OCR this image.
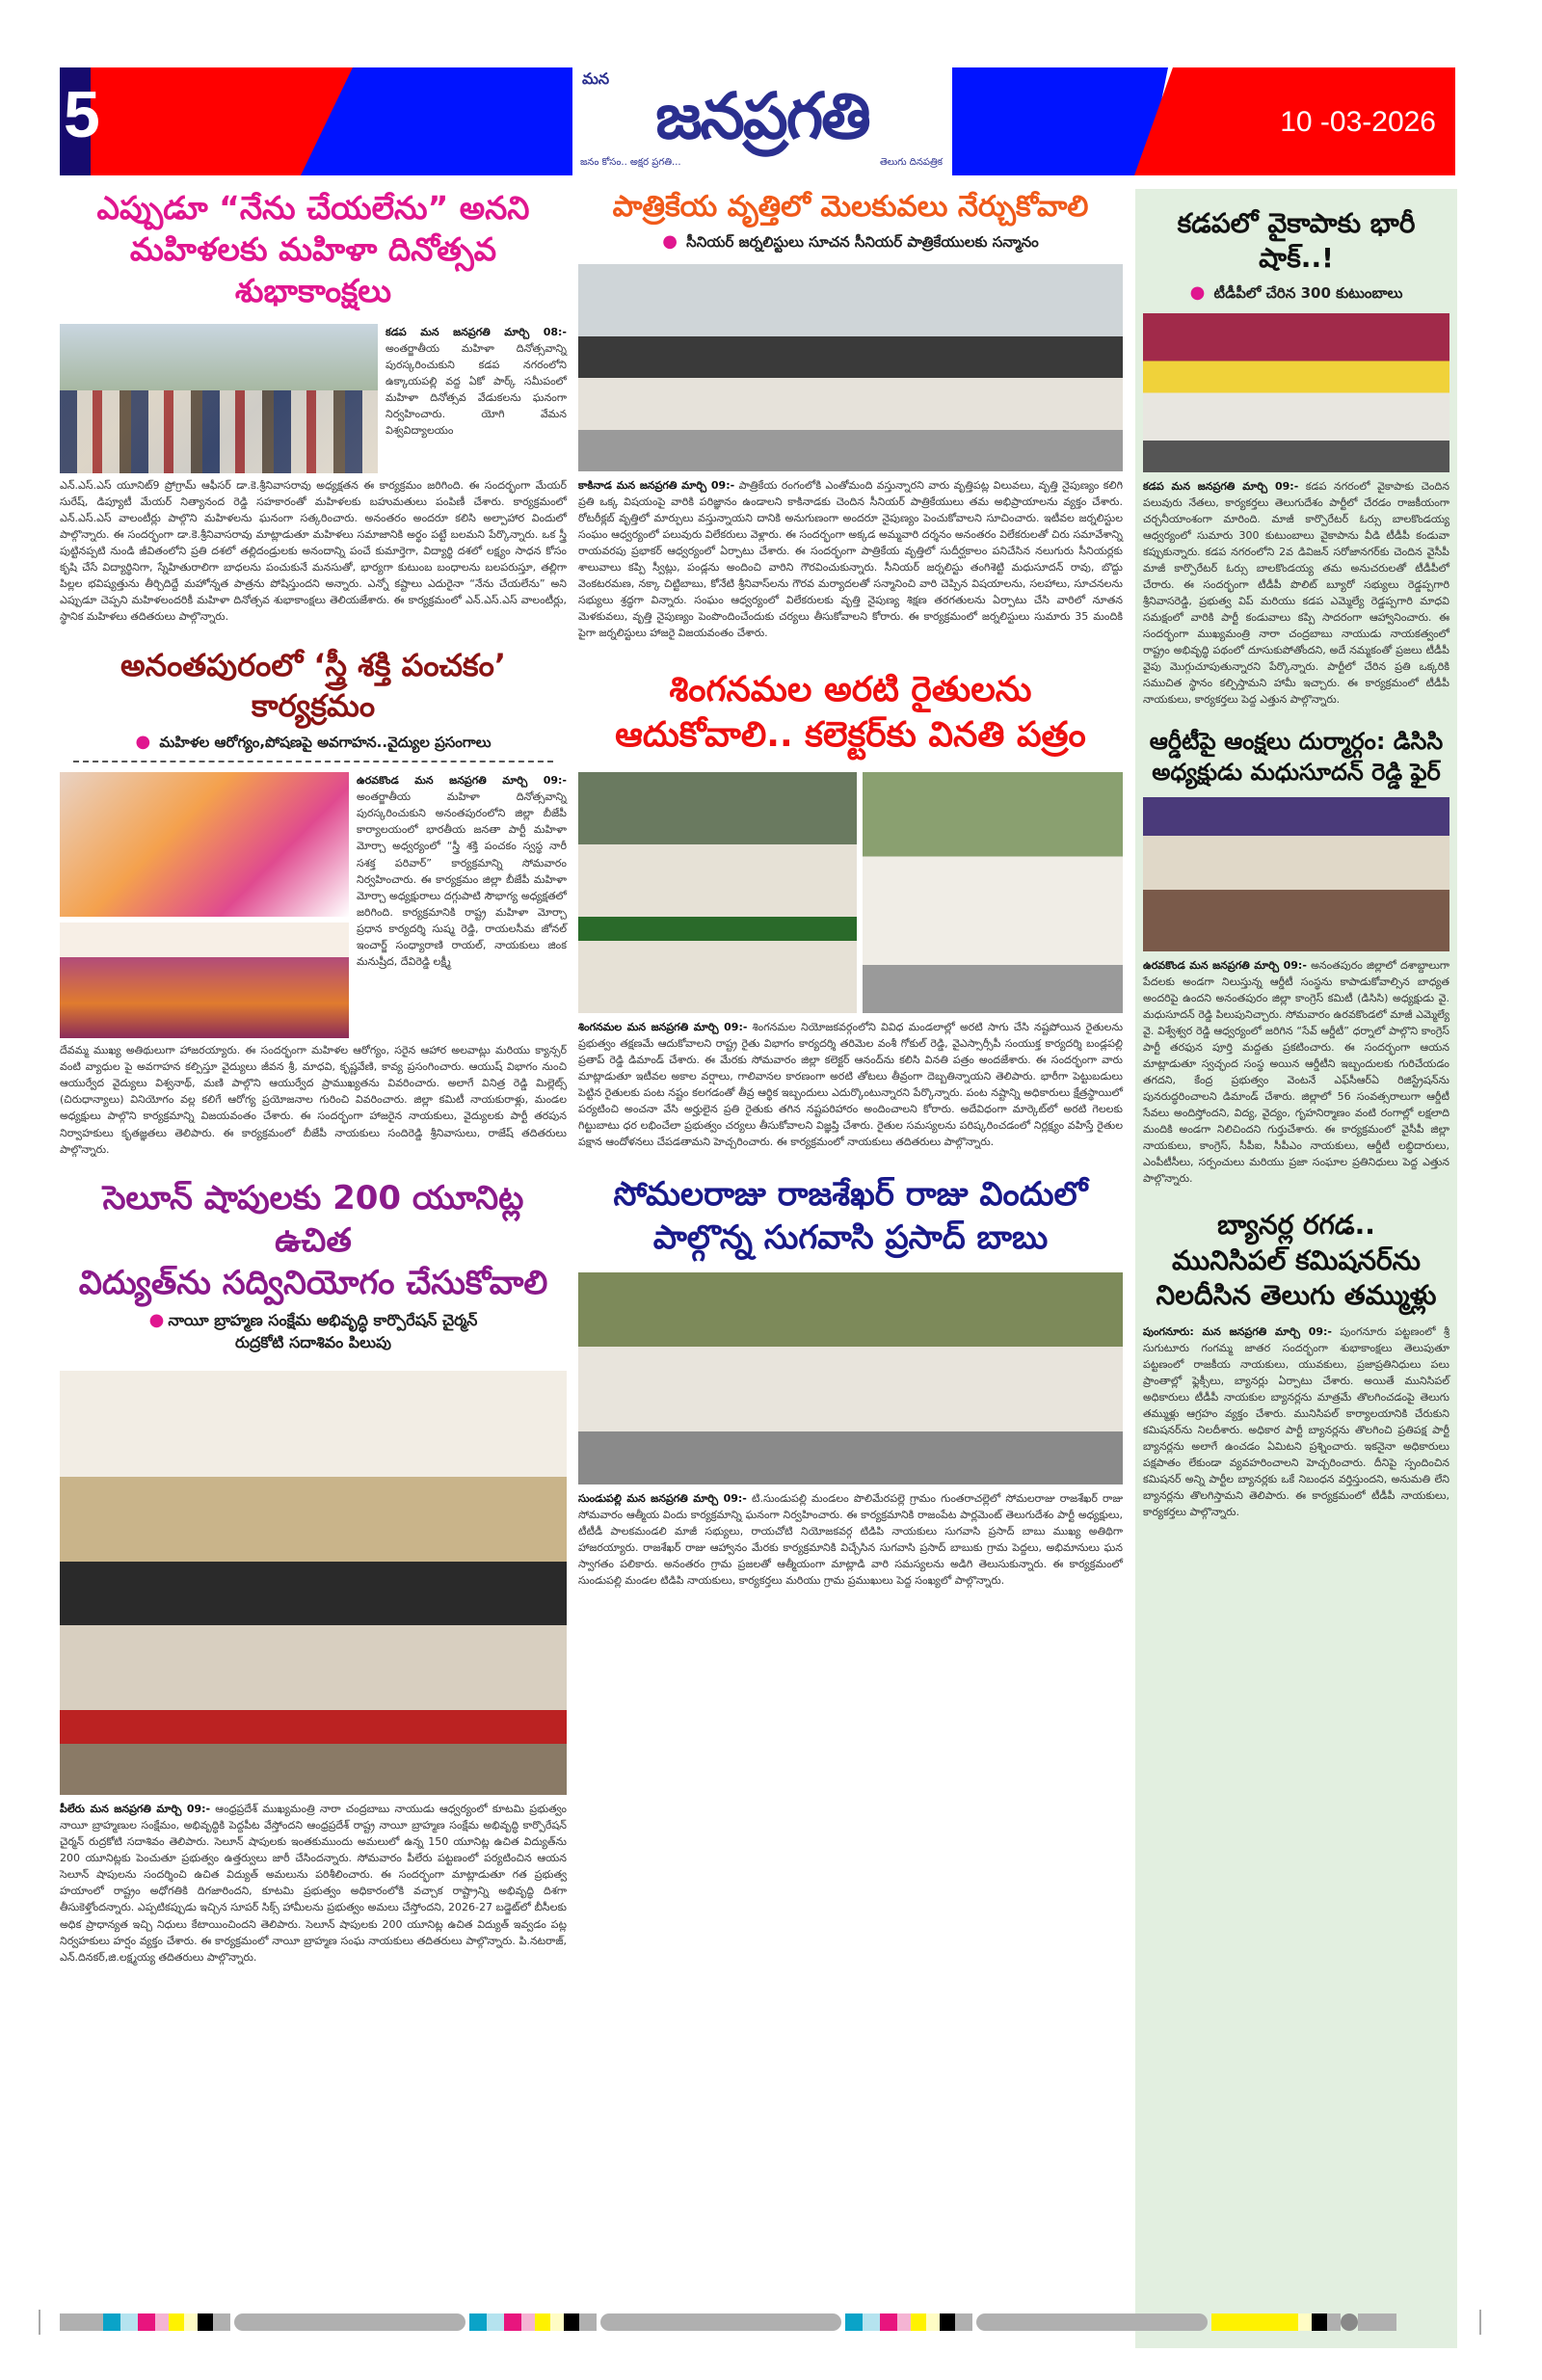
5	మన
జనప్రగతి
జనం కోసం.. అక్షర ప్రగతి...	తెలుగు దినపత్రిక
10 -03-2026
ఎప్పుడూ “నేను చేయలేను” అనని
మహిళలకు మహిళా దినోత్సవ శుభాకాంక్షలు

కడప మన జనప్రగతి మార్చి 08:- అంతర్జాతీయ మహిళా దినోత్సవాన్ని పురస్కరించుకుని కడప నగరంలోని ఉక్కాయపల్లి వద్ద ఏకో పార్క్ సమీపంలో మహిళా దినోత్సవ వేడుకలను ఘనంగా నిర్వహించారు. యోగి వేమన విశ్వవిద్యాలయం

ఎన్.ఎస్.ఎస్ యూనిట్9 ప్రోగ్రామ్ ఆఫీసర్ డా.కె.శ్రీనివాసరావు అధ్యక్షతన ఈ కార్యక్రమం జరిగింది. ఈ సందర్భంగా మేయర్ సురేష్, డిప్యూటీ మేయర్ నిత్యానంద రెడ్డి సహకారంతో మహిళలకు బహుమతులు పంపిణీ చేశారు. కార్యక్రమంలో ఎన్.ఎస్.ఎస్ వాలంటీర్లు పాల్గొని మహిళలను ఘనంగా సత్కరించారు. అనంతరం అందరూ కలిసి అల్పాహార విందులో పాల్గొన్నారు. ఈ సందర్భంగా డా.కె.శ్రీనివాసరావు మాట్లాడుతూ మహిళలు సమాజానికి అర్థం పట్టే బలమని పేర్కొన్నారు. ఒక స్త్రీ పుట్టినప్పటి నుండి జీవితంలోని ప్రతి దశలో తల్లిదండ్రులకు అనందాన్ని పంచే కుమార్తెగా, విద్యార్థి దశలో లక్ష్యం సాధన కోసం కృషి చేసే విద్యార్థినిగా, స్నేహితురాలిగా బాధలను పంచుకునే మనసుతో, భార్యగా కుటుంబ బంధాలను బలపరుస్తూ, తల్లిగా పిల్లల భవిష్యత్తును తీర్చిదిద్దే మహోన్నత పాత్రను పోషిస్తుందని అన్నారు. ఎన్నో కష్టాలు ఎదురైనా “నేను చేయలేను” అని ఎప్పుడూ చెప్పని మహిళలందరికీ మహిళా దినోత్సవ శుభాకాంక్షలు తెలియజేశారు. ఈ కార్యక్రమంలో ఎన్.ఎస్.ఎస్ వాలంటీర్లు, స్థానిక మహిళలు తదితరులు పాల్గొన్నారు.

అనంతపురంలో ‘స్త్రీ శక్తి పంచకం’ కార్యక్రమం
● మహిళల ఆరోగ్యం,పోషణపై అవగాహన..వైద్యుల ప్రసంగాలు

ఉరవకొండ మన జనప్రగతి మార్చి 09:- అంతర్జాతీయ మహిళా దినోత్సవాన్ని పురస్కరించుకుని అనంతపురంలోని జిల్లా బీజేపీ కార్యాలయంలో భారతీయ జనతా పార్టీ మహిళా మోర్చా అధ్వర్యంలో “స్త్రీ శక్తి పంచకం స్వస్థ నారీ సశక్త పరివార్” కార్యక్రమాన్ని సోమవారం నిర్వహించారు. ఈ కార్యక్రమం జిల్లా బీజేపీ మహిళా మోర్చా అధ్యక్షురాలు దగ్గుపాటి సౌభాగ్య అధ్యక్షతలో జరిగింది. కార్యక్రమానికి రాష్ట్ర మహిళా మోర్చా ప్రధాన కార్యదర్శి సుష్మ రెడ్డి, రాయలసీమ జోనల్ ఇంచార్జ్ సంధ్యారాణి రాయల్, నాయకులు జింక మనుష్రీద, దేవిరెడ్డి లక్ష్మీ

దేవమ్మ ముఖ్య అతిథులుగా హాజరయ్యారు. ఈ సందర్భంగా మహిళల ఆరోగ్యం, సరైన ఆహార అలవాట్లు మరియు క్యాన్సర్ వంటి వ్యాధుల పై అవగాహన కల్పిస్తూ వైద్యులు జీవన శ్రీ, మాధవి, కృష్ణవేణి, కావ్య ప్రసంగించారు. ఆయుష్ విభాగం నుంచి ఆయుర్వేద వైద్యులు విశ్వనాథ్, మణి పాల్గొని ఆయుర్వేద ప్రాముఖ్యతను వివరించారు. అలాగే వినిత్ర రెడ్డి మిల్లెట్స్ (చిరుధాన్యాలు) వినియోగం వల్ల కలిగే ఆరోగ్య ప్రయోజనాల గురించి వివరించారు. జిల్లా కమిటీ నాయకురాళ్లు, మండల అధ్యక్షులు పాల్గొని కార్యక్రమాన్ని విజయవంతం చేశారు. ఈ సందర్భంగా హాజరైన నాయకులు, వైద్యులకు పార్టీ తరపున నిర్వాహకులు కృతజ్ఞతలు తెలిపారు. ఈ కార్యక్రమంలో బీజేపీ నాయకులు సందిరెడ్డి శ్రీనివాసులు, రాజేష్ తదితరులు పాల్గొన్నారు.

సెలూన్ షాపులకు 200 యూనిట్ల ఉచిత
విద్యుత్‌ను సద్వినియోగం చేసుకోవాలి
● నాయీ బ్రాహ్మణ సంక్షేమ అభివృద్ధి కార్పొరేషన్ చైర్మన్
రుద్రకోటి సదాశివం పిలుపు

పీలేరు మన జనప్రగతి మార్చి 09:- ఆంధ్రప్రదేశ్ ముఖ్యమంత్రి నారా చంద్రబాబు నాయుడు ఆధ్వర్యంలో కూటమి ప్రభుత్వం నాయీ బ్రాహ్మణుల సంక్షేమం, అభివృద్ధికి పెద్దపీట వేస్తోందని ఆంధ్రప్రదేశ్ రాష్ట్ర నాయీ బ్రాహ్మణ సంక్షేమ అభివృద్ధి కార్పొరేషన్ చైర్మన్ రుద్రకోటి సదాశివం తెలిపారు. సెలూన్ షాపులకు ఇంతకుముందు అమలులో ఉన్న 150 యూనిట్ల ఉచిత విద్యుత్‌ను 200 యూనిట్లకు పెంచుతూ ప్రభుత్వం ఉత్తర్వులు జారీ చేసిందన్నారు. సోమవారం పీలేరు పట్టణంలో పర్యటించిన ఆయన సెలూన్ షాపులను సందర్శించి ఉచిత విద్యుత్ అమలును పరిశీలించారు. ఈ సందర్భంగా మాట్లాడుతూ గత ప్రభుత్వ హయాంలో రాష్ట్రం అధోగతికి దిగజారిందని, కూటమి ప్రభుత్వం అధికారంలోకి వచ్చాక రాష్ట్రాన్ని అభివృద్ధి దిశగా తీసుకెళ్తోందన్నారు. ఎప్పటికప్పుడు ఇచ్చిన సూపర్ సిక్స్ హామీలను ప్రభుత్వం అమలు చేస్తోందని, 2026-27 బడ్జెట్‌లో బీసీలకు అధిక ప్రాధాన్యత ఇచ్చి నిధులు కేటాయించిందని తెలిపారు. సెలూన్ షాపులకు 200 యూనిట్ల ఉచిత విద్యుత్ ఇవ్వడం పట్ల నిర్వహకులు హర్షం వ్యక్తం చేశారు. ఈ కార్యక్రమంలో నాయీ బ్రాహ్మణ సంఘ నాయకులు తదితరులు పాల్గొన్నారు. పి.నటరాజ్, ఎన్.దినకర్,జి.లక్ష్మయ్య తదితరులు పాల్గొన్నారు.

పాత్రికేయ వృత్తిలో మెలకువలు నేర్చుకోవాలి
● సీనియర్ జర్నలిస్టులు సూచన సీనియర్ పాత్రికేయులకు సన్మానం

కాకినాడ మన జనప్రగతి మార్చి 09:- పాత్రికేయ రంగంలోకి ఎంతోమంది వస్తున్నారని వారు వృత్తిపట్ల విలువలు, వృత్తి నైపుణ్యం కలిగి ప్రతి ఒక్క విషయంపై వారికి పరిజ్ఞానం ఉండాలని కాకినాడకు చెందిన సీనియర్ పాత్రికేయులు తమ అభిప్రాయాలను వ్యక్తం చేశారు. రోటరీక్లబ్ వృత్తిలో మార్పులు వస్తున్నాయని దానికి అనుగుణంగా అందరూ నైపుణ్యం పెంచుకోవాలని సూచించారు. ఇటీవల జర్నలిస్టుల సంఘం ఆధ్వర్యంలో పలువురు విలేకరులు వెళ్లారు. ఈ సందర్భంగా అక్కడ అమ్మవారి దర్శనం అనంతరం విలేకరులతో చిరు సమావేశాన్ని రాయవరపు ప్రభాకర్ ఆధ్వర్యంలో ఏర్పాటు చేశారు. ఈ సందర్భంగా పాత్రికేయ వృత్తిలో సుదీర్ఘకాలం పనిచేసిన నలుగురు సీనియర్లకు శాలువాలు కప్పి స్వీట్లు, పండ్లను అందించి వారిని గౌరవించుకున్నారు. సీనియర్ జర్నలిస్టు తంగిశెట్టి మధుసూదన్ రావు, బొద్దు వెంకటరమణ, నక్కా చిట్టిబాబు, కోనేటి శ్రీనివాస్‌లను గౌరవ మర్యాదలతో సన్మానించి వారి చెప్పిన విషయాలను, సలహాలు, సూచనలను సభ్యులు శ్రద్ధగా విన్నారు. సంఘం ఆధ్వర్యంలో విలేకరులకు వృత్తి నైపుణ్య శిక్షణ తరగతులను ఏర్పాటు చేసి వారిలో నూతన మెళకువలు, వృత్తి నైపుణ్యం పెంపొందించేందుకు చర్యలు తీసుకోవాలని కోరారు. ఈ కార్యక్రమంలో జర్నలిస్టులు సుమారు 35 మందికి పైగా జర్నలిస్టులు హాజరై విజయవంతం చేశారు.

శింగనమల అరటి రైతులను
ఆదుకోవాలి.. కలెక్టర్‌కు వినతి పత్రం

శింగనమల మన జనప్రగతి మార్చి 09:- శింగనమల నియోజకవర్గంలోని వివిధ మండలాల్లో అరటి సాగు చేసి నష్టపోయిన రైతులను ప్రభుత్వం తక్షణమే ఆదుకోవాలని రాష్ట్ర రైతు విభాగం కార్యదర్శి తరిమెల వంశీ గోకుల్ రెడ్డి, వైఎస్సార్సీపీ సంయుక్త కార్యదర్శి బండ్లపల్లి ప్రతాప్ రెడ్డి డిమాండ్ చేశారు. ఈ మేరకు సోమవారం జిల్లా కలెక్టర్ ఆనంద్‌ను కలిసి వినతి పత్రం అందజేశారు. ఈ సందర్భంగా వారు మాట్లాడుతూ ఇటీవల అకాల వర్షాలు, గాలివానల కారణంగా అరటి తోటలు తీవ్రంగా దెబ్బతిన్నాయని తెలిపారు. భారీగా పెట్టుబడులు పెట్టిన రైతులకు పంట నష్టం కలగడంతో తీవ్ర ఆర్థిక ఇబ్బందులు ఎదుర్కొంటున్నారని పేర్కొన్నారు. పంట నష్టాన్ని అధికారులు క్షేత్రస్థాయిలో పర్యటించి అంచనా వేసి అర్హులైన ప్రతి రైతుకు తగిన నష్టపరిహారం అందించాలని కోరారు. అదేవిధంగా మార్కెట్‌లో అరటి గెలలకు గిట్టుబాటు ధర లభించేలా ప్రభుత్వం చర్యలు తీసుకోవాలని విజ్ఞప్తి చేశారు. రైతుల సమస్యలను పరిష్కరించడంలో నిర్లక్ష్యం వహిస్తే రైతుల పక్షాన ఆందోళనలు చేపడతామని హెచ్చరించారు. ఈ కార్యక్రమంలో నాయకులు తదితరులు పాల్గొన్నారు.

సోమలరాజు రాజశేఖర్ రాజు విందులో
పాల్గొన్న సుగవాసి ప్రసాద్ బాబు

సుండుపల్లి మన జనప్రగతి మార్చి 09:- టి.సుండుపల్లి మండలం పొలిమేరపల్లె గ్రామం గుంతరాచల్లెలో సోమలరాజు రాజశేఖర్ రాజు సోమవారం ఆత్మీయ విందు కార్యక్రమాన్ని ఘనంగా నిర్వహించారు. ఈ కార్యక్రమానికి రాజంపేట పార్లమెంట్ తెలుగుదేశం పార్టీ అధ్యక్షులు, టీటీడీ పాలకమండలి మాజీ సభ్యులు, రాయచోటి నియోజకవర్గ టిడిపి నాయకులు సుగవాసి ప్రసాద్ బాబు ముఖ్య అతిథిగా హాజరయ్యారు. రాజశేఖర్ రాజు ఆహ్వానం మేరకు కార్యక్రమానికి విచ్చేసిన సుగవాసి ప్రసాద్ బాబుకు గ్రామ పెద్దలు, అభిమానులు ఘన స్వాగతం పలికారు. అనంతరం గ్రామ ప్రజలతో ఆత్మీయంగా మాట్లాడి వారి సమస్యలను అడిగి తెలుసుకున్నారు. ఈ కార్యక్రమంలో సుండుపల్లి మండల టిడిపి నాయకులు, కార్యకర్తలు మరియు గ్రామ ప్రముఖులు పెద్ద సంఖ్యలో పాల్గొన్నారు.

కడపలో వైకాపాకు భారీ షాక్..!
● టీడీపీలో చేరిన 300 కుటుంబాలు

కడప మన జనప్రగతి మార్చి 09:- కడప నగరంలో వైకాపాకు చెందిన పలువురు నేతలు, కార్యకర్తలు తెలుగుదేశం పార్టీలో చేరడం రాజకీయంగా చర్చనీయాంశంగా మారింది. మాజీ కార్పొరేటర్ ఓర్సు బాలకొండయ్య ఆధ్వర్యంలో సుమారు 300 కుటుంబాలు వైకాపాను వీడి టీడీపీ కండువా కప్పుకున్నారు. కడప నగరంలోని 2వ డివిజన్ సరోజానగర్‌కు చెందిన వైసీపీ మాజీ కార్పొరేటర్ ఓర్సు బాలకొండయ్య తమ అనుచరులతో టీడీపీలో చేరారు. ఈ సందర్భంగా టీడీపీ పొలిట్ బ్యూరో సభ్యులు రెడ్డప్పగారి శ్రీనివాసరెడ్డి, ప్రభుత్వ విప్ మరియు కడప ఎమ్మెల్యే రెడ్డప్పగారి మాధవి సమక్షంలో వారికి పార్టీ కండువాలు కప్పి సాదరంగా ఆహ్వానించారు. ఈ సందర్భంగా ముఖ్యమంత్రి నారా చంద్రబాబు నాయుడు నాయకత్వంలో రాష్ట్రం అభివృద్ధి పథంలో దూసుకుపోతోందని, అదే నమ్మకంతో ప్రజలు టీడీపీ వైపు మొగ్గుచూపుతున్నారని పేర్కొన్నారు. పార్టీలో చేరిన ప్రతి ఒక్కరికి సముచిత స్థానం కల్పిస్తామని హామీ ఇచ్చారు. ఈ కార్యక్రమంలో టీడీపీ నాయకులు, కార్యకర్తలు పెద్ద ఎత్తున పాల్గొన్నారు.

ఆర్డీటీపై ఆంక్షలు దుర్మార్గం: డిసిసి
అధ్యక్షుడు మధుసూదన్ రెడ్డి ఫైర్

ఉరవకొండ మన జనప్రగతి మార్చి 09:- అనంతపురం జిల్లాలో దశాబ్దాలుగా పేదలకు అండగా నిలుస్తున్న ఆర్డీటీ సంస్థను కాపాడుకోవాల్సిన బాధ్యత అందరిపై ఉందని అనంతపురం జిల్లా కాంగ్రెస్ కమిటీ (డిసిసి) అధ్యక్షుడు వై. మధుసూదన్ రెడ్డి పిలుపునిచ్చారు. సోమవారం ఉరవకొండలో మాజీ ఎమ్మెల్యే వై. విశ్వేశ్వర రెడ్డి ఆధ్వర్యంలో జరిగిన “సేవ్ ఆర్డీటీ” ధర్నాలో పాల్గొని కాంగ్రెస్ పార్టీ తరఫున పూర్తి మద్దతు ప్రకటించారు. ఈ సందర్భంగా ఆయన మాట్లాడుతూ స్వచ్ఛంద సంస్థ అయిన ఆర్డీటీని ఇబ్బందులకు గురిచేయడం తగదని, కేంద్ర ప్రభుత్వం వెంటనే ఎఫ్‌సీఆర్‌ఏ రిజిస్ట్రేషన్‌ను పునరుద్ధరించాలని డిమాండ్ చేశారు. జిల్లాలో 56 సంవత్సరాలుగా ఆర్డీటీ సేవలు అందిస్తోందని, విద్య, వైద్యం, గృహనిర్మాణం వంటి రంగాల్లో లక్షలాది మందికి అండగా నిలిచిందని గుర్తుచేశారు. ఈ కార్యక్రమంలో వైసీపీ జిల్లా నాయకులు, కాంగ్రెస్, సీపీఐ, సీపీఎం నాయకులు, ఆర్డీటీ లబ్ధిదారులు, ఎంపీటీసీలు, సర్పంచులు మరియు ప్రజా సంఘాల ప్రతినిధులు పెద్ద ఎత్తున పాల్గొన్నారు.

బ్యానర్ల రగడ..
మునిసిపల్ కమిషనర్‌ను
నిలదీసిన తెలుగు తమ్ముళ్లు

పుంగనూరు: మన జనప్రగతి మార్చి 09:- పుంగనూరు పట్టణంలో శ్రీ సుగుటూరు గంగమ్మ జాతర సందర్భంగా శుభాకాంక్షలు తెలుపుతూ పట్టణంలో రాజకీయ నాయకులు, యువకులు, ప్రజాప్రతినిధులు పలు ప్రాంతాల్లో ఫ్లెక్సీలు, బ్యానర్లు ఏర్పాటు చేశారు. అయితే మునిసిపల్ అధికారులు టీడీపీ నాయకుల బ్యానర్లను మాత్రమే తొలగించడంపై తెలుగు తమ్ముళ్లు ఆగ్రహం వ్యక్తం చేశారు. మునిసిపల్ కార్యాలయానికి చేరుకుని కమిషనర్‌ను నిలదీశారు. అధికార పార్టీ బ్యానర్లను తొలగించి ప్రతిపక్ష పార్టీ బ్యానర్లను అలాగే ఉంచడం ఏమిటని ప్రశ్నించారు. ఇకనైనా అధికారులు పక్షపాతం లేకుండా వ్యవహరించాలని హెచ్చరించారు. దీనిపై స్పందించిన కమిషనర్ అన్ని పార్టీల బ్యానర్లకు ఒకే నిబంధన వర్తిస్తుందని, అనుమతి లేని బ్యానర్లను తొలగిస్తామని తెలిపారు. ఈ కార్యక్రమంలో టీడీపీ నాయకులు, కార్యకర్తలు పాల్గొన్నారు.
